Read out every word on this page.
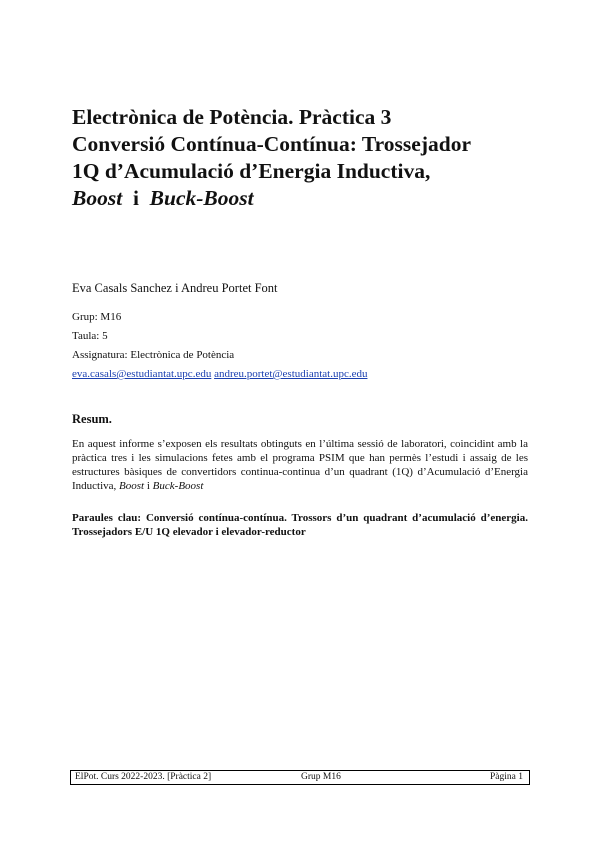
Electrònica de Potència. Pràctica 3
Conversió Contínua-Contínua: Trossejador
1Q d’Acumulació d’Energia Inductiva,
Boost i Buck-Boost
Eva Casals Sanchez i Andreu Portet Font
Grup: M16
Taula: 5
Assignatura: Electrònica de Potència
eva.casals@estudiantat.upc.edu andreu.portet@estudiantat.upc.edu
Resum.

En aquest informe s’exposen els resultats obtinguts en l’última sessió de laboratori, coincidint amb la pràctica tres i les simulacions fetes amb el programa PSIM que han permès l’estudi i assaig de les estructures bàsiques de convertidors continua-continua d’un quadrant (1Q) d’Acumulació d’Energia Inductiva, Boost i Buck-Boost

Paraules clau: Conversió contínua-contínua. Trossors d’un quadrant d’acumulació d’energia. Trossejadors E/U 1Q elevador i elevador-reductor

ElPot. Curs 2022-2023. [Pràctica 2]	Grup M16	Pàgina 1
